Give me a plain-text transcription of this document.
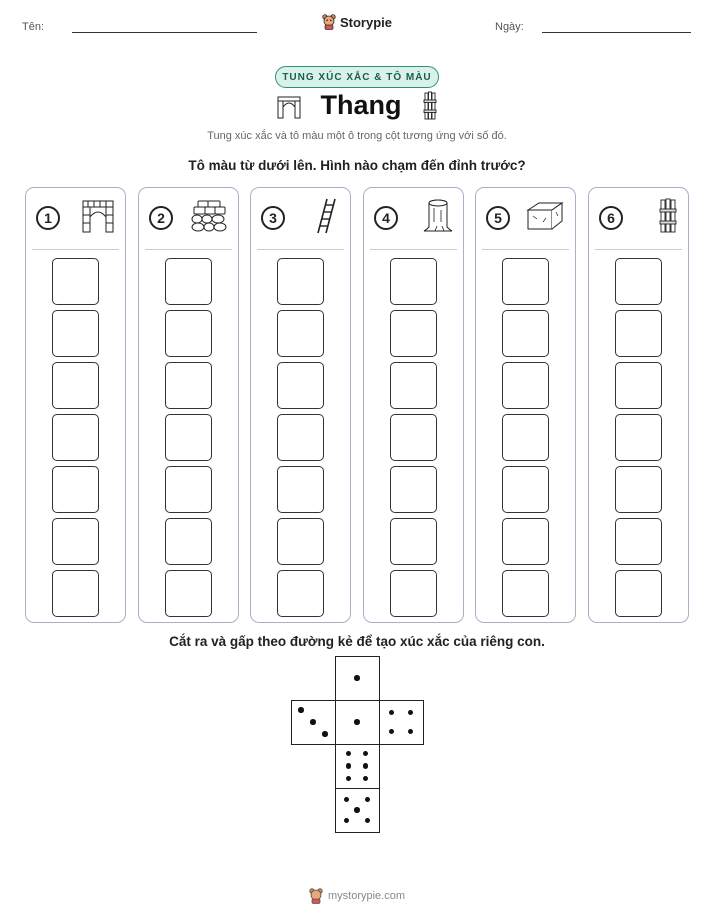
Tên:	Ngày:
Storypie
TUNG XÚC XẮC & TÔ MÀU
Thang
Tung xúc xắc và tô màu một ô trong cột tương ứng với số đó.
Tô màu từ dưới lên. Hình nào chạm đến đỉnh trước?
1	2	3	4	5	6
Cắt ra và gấp theo đường kẻ để tạo xúc xắc của riêng con.
mystorypie.com
